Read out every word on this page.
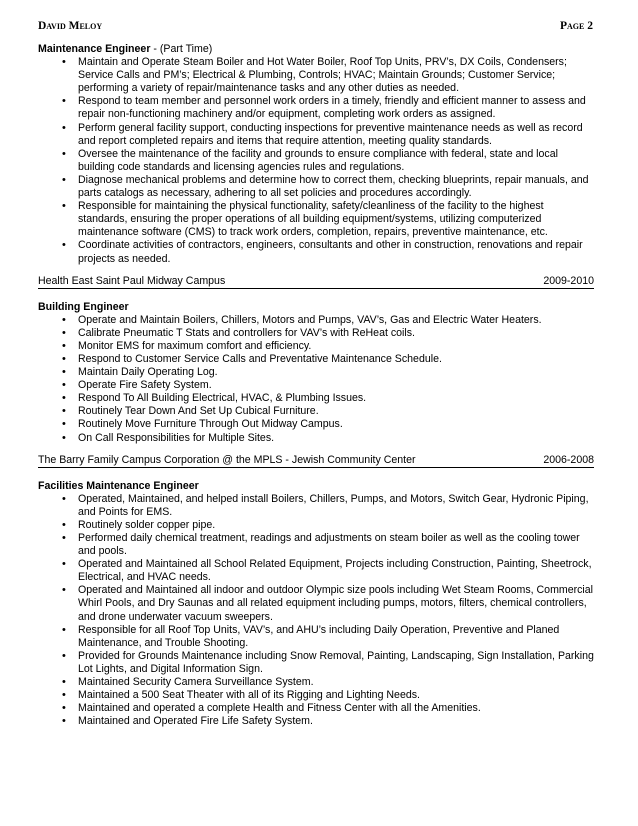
David Meloy	Page 2
Maintenance Engineer - (Part Time)
• Maintain and Operate Steam Boiler and Hot Water Boiler, Roof Top Units, PRV’s, DX Coils, Condensers; Service Calls and PM’s; Electrical & Plumbing, Controls; HVAC; Maintain Grounds; Customer Service; performing a variety of repair/maintenance tasks and any other duties as needed.
• Respond to team member and personnel work orders in a timely, friendly and efficient manner to assess and repair non-functioning machinery and/or equipment, completing work orders as assigned.
• Perform general facility support, conducting inspections for preventive maintenance needs as well as record and report completed repairs and items that require attention, meeting quality standards.
• Oversee the maintenance of the facility and grounds to ensure compliance with federal, state and local building code standards and licensing agencies rules and regulations.
• Diagnose mechanical problems and determine how to correct them, checking blueprints, repair manuals, and parts catalogs as necessary, adhering to all set policies and procedures accordingly.
• Responsible for maintaining the physical functionality, safety/cleanliness of the facility to the highest standards, ensuring the proper operations of all building equipment/systems, utilizing computerized maintenance software (CMS) to track work orders, completion, repairs, preventive maintenance, etc.
• Coordinate activities of contractors, engineers, consultants and other in construction, renovations and repair projects as needed.
Health East Saint Paul Midway Campus	2009-2010
Building Engineer
• Operate and Maintain Boilers, Chillers, Motors and Pumps, VAV’s, Gas and Electric Water Heaters.
• Calibrate Pneumatic T Stats and controllers for VAV’s with ReHeat coils.
• Monitor EMS for maximum comfort and efficiency.
• Respond to Customer Service Calls and Preventative Maintenance Schedule.
• Maintain Daily Operating Log.
• Operate Fire Safety System.
• Respond To All Building Electrical, HVAC, & Plumbing Issues.
• Routinely Tear Down And Set Up Cubical Furniture.
• Routinely Move Furniture Through Out Midway Campus.
• On Call Responsibilities for Multiple Sites.
The Barry Family Campus Corporation @ the MPLS - Jewish Community Center	2006-2008
Facilities Maintenance Engineer
• Operated, Maintained, and helped install Boilers, Chillers, Pumps, and Motors, Switch Gear, Hydronic Piping, and Points for EMS.
• Routinely solder copper pipe.
• Performed daily chemical treatment, readings and adjustments on steam boiler as well as the cooling tower and pools.
• Operated and Maintained all School Related Equipment, Projects including Construction, Painting, Sheetrock, Electrical, and HVAC needs.
• Operated and Maintained all indoor and outdoor Olympic size pools including Wet Steam Rooms, Commercial Whirl Pools, and Dry Saunas and all related equipment including pumps, motors, filters, chemical controllers, and drone underwater vacuum sweepers.
• Responsible for all Roof Top Units, VAV’s, and AHU’s including Daily Operation, Preventive and Planed Maintenance, and Trouble Shooting.
• Provided for Grounds Maintenance including Snow Removal, Painting, Landscaping, Sign Installation, Parking Lot Lights, and Digital Information Sign.
• Maintained Security Camera Surveillance System.
• Maintained a 500 Seat Theater with all of its Rigging and Lighting Needs.
• Maintained and operated a complete Health and Fitness Center with all the Amenities.
• Maintained and Operated Fire Life Safety System.
